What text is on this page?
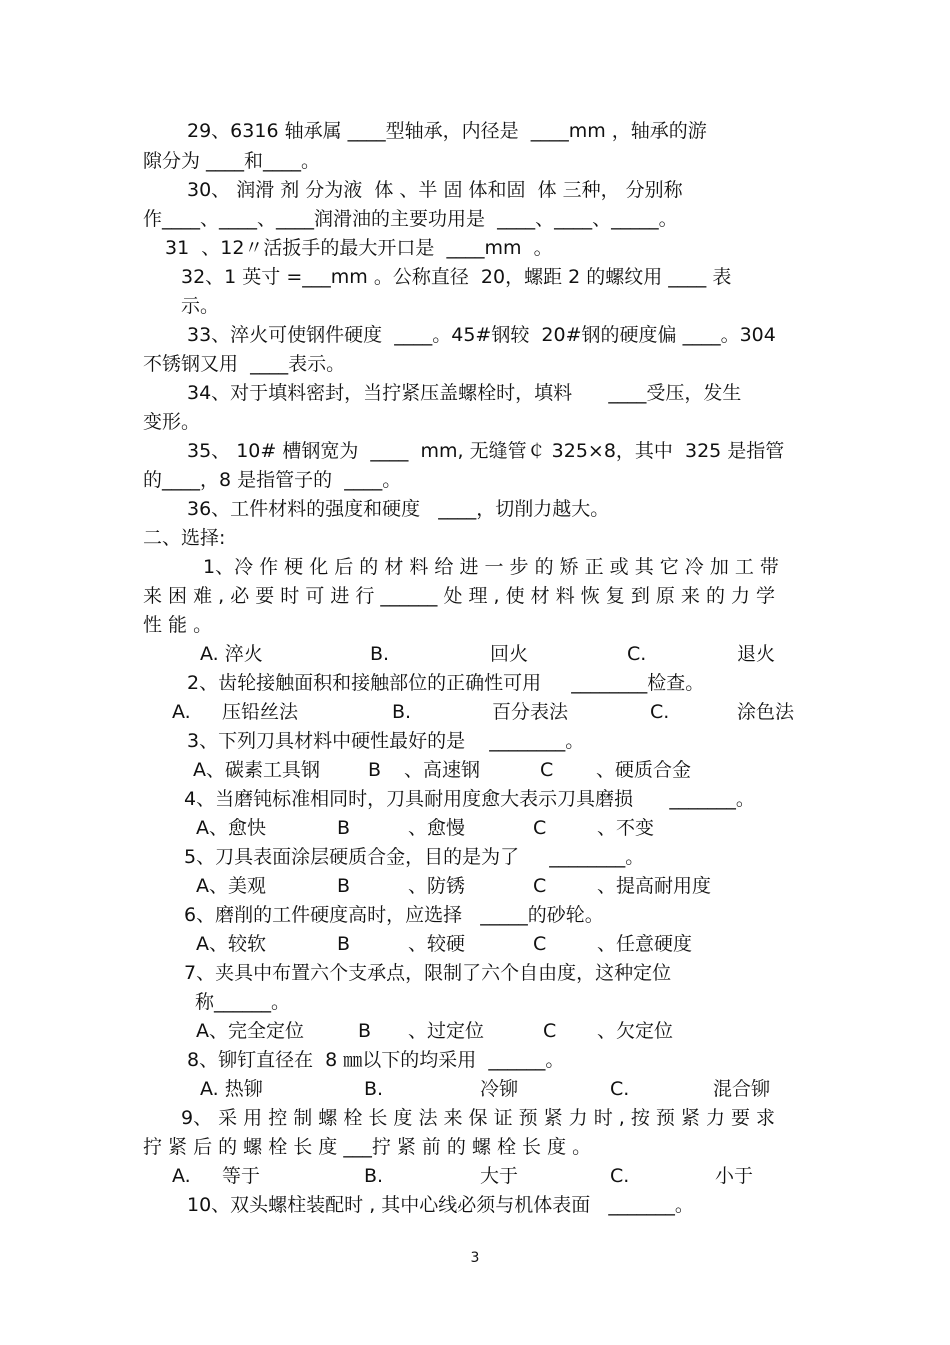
29、6316 轴承属 ____型轴承，内径是  ____mm ，轴承的游
隙分为 ____和____。
30、 润滑 剂 分为液  体 、半 固 体和固  体 三种， 分别称
作____、____、____润滑油的主要功用是  ____、____、_____。
31  、12〃活扳手的最大开口是  ____mm  。
32、1 英寸 =___mm 。公称直径  20，螺距 2 的螺纹用 ____ 表
示。
33、淬火可使钢件硬度  ____。45#钢较  20#钢的硬度偏 ____。304
不锈钢又用  ____表示。
34、对于填料密封，当拧紧压盖螺栓时，填料      ____受压，发生
变形。
35、 10# 槽钢宽为  ____  mm, 无缝管￠ 325×8，其中  325 是指管
的____，8 是指管子的  ____。
36、工件材料的强度和硬度   ____，切削力越大。
二、选择:
1、冷 作 梗 化 后 的 材 料 给 进 一 步 的 矫 正 或 其 它 冷 加 工 带
来 困 难 , 必 要 时 可 进 行 ______ 处 理 , 使 材 料 恢 复 到 原 来 的 力 学
性 能 。
A. 淬火	B.	回火	C.	退火
2、齿轮接触面积和接触部位的正确性可用     ________检查。
A. 压铅丝法	B.	百分表法	C.	涂色法
3、下列刀具材料中硬性最好的是    ________。
A、碳素工具钢	B 、高速钢	C 、硬质合金
4、当磨钝标准相同时，刀具耐用度愈大表示刀具磨损      _______。
A、愈快	B	、愈慢	C	、不变
5、刀具表面涂层硬质合金，目的是为了     ________。
A、美观	B	、防锈	C	、提高耐用度
6、磨削的工件硬度高时，应选择   _____的砂轮。
A、较软	B	、较硬	C	、任意硬度
7、夹具中布置六个支承点，限制了六个自由度，这种定位
称______。
A、完全定位	B 、过定位	C 、欠定位
8、铆钉直径在  8 ㎜以下的均采用  ______。
A. 热铆	B.	冷铆	C.	混合铆
9、 采 用 控 制 螺 栓 长 度 法 来 保 证 预 紧 力 时 , 按 预 紧 力 要 求
拧 紧 后 的 螺 栓 长 度 ___拧 紧 前 的 螺 栓 长 度 。
A. 等于	B.	大于	C.	小于
10、双头螺柱装配时 , 其中心线必须与机体表面   _______。
3
